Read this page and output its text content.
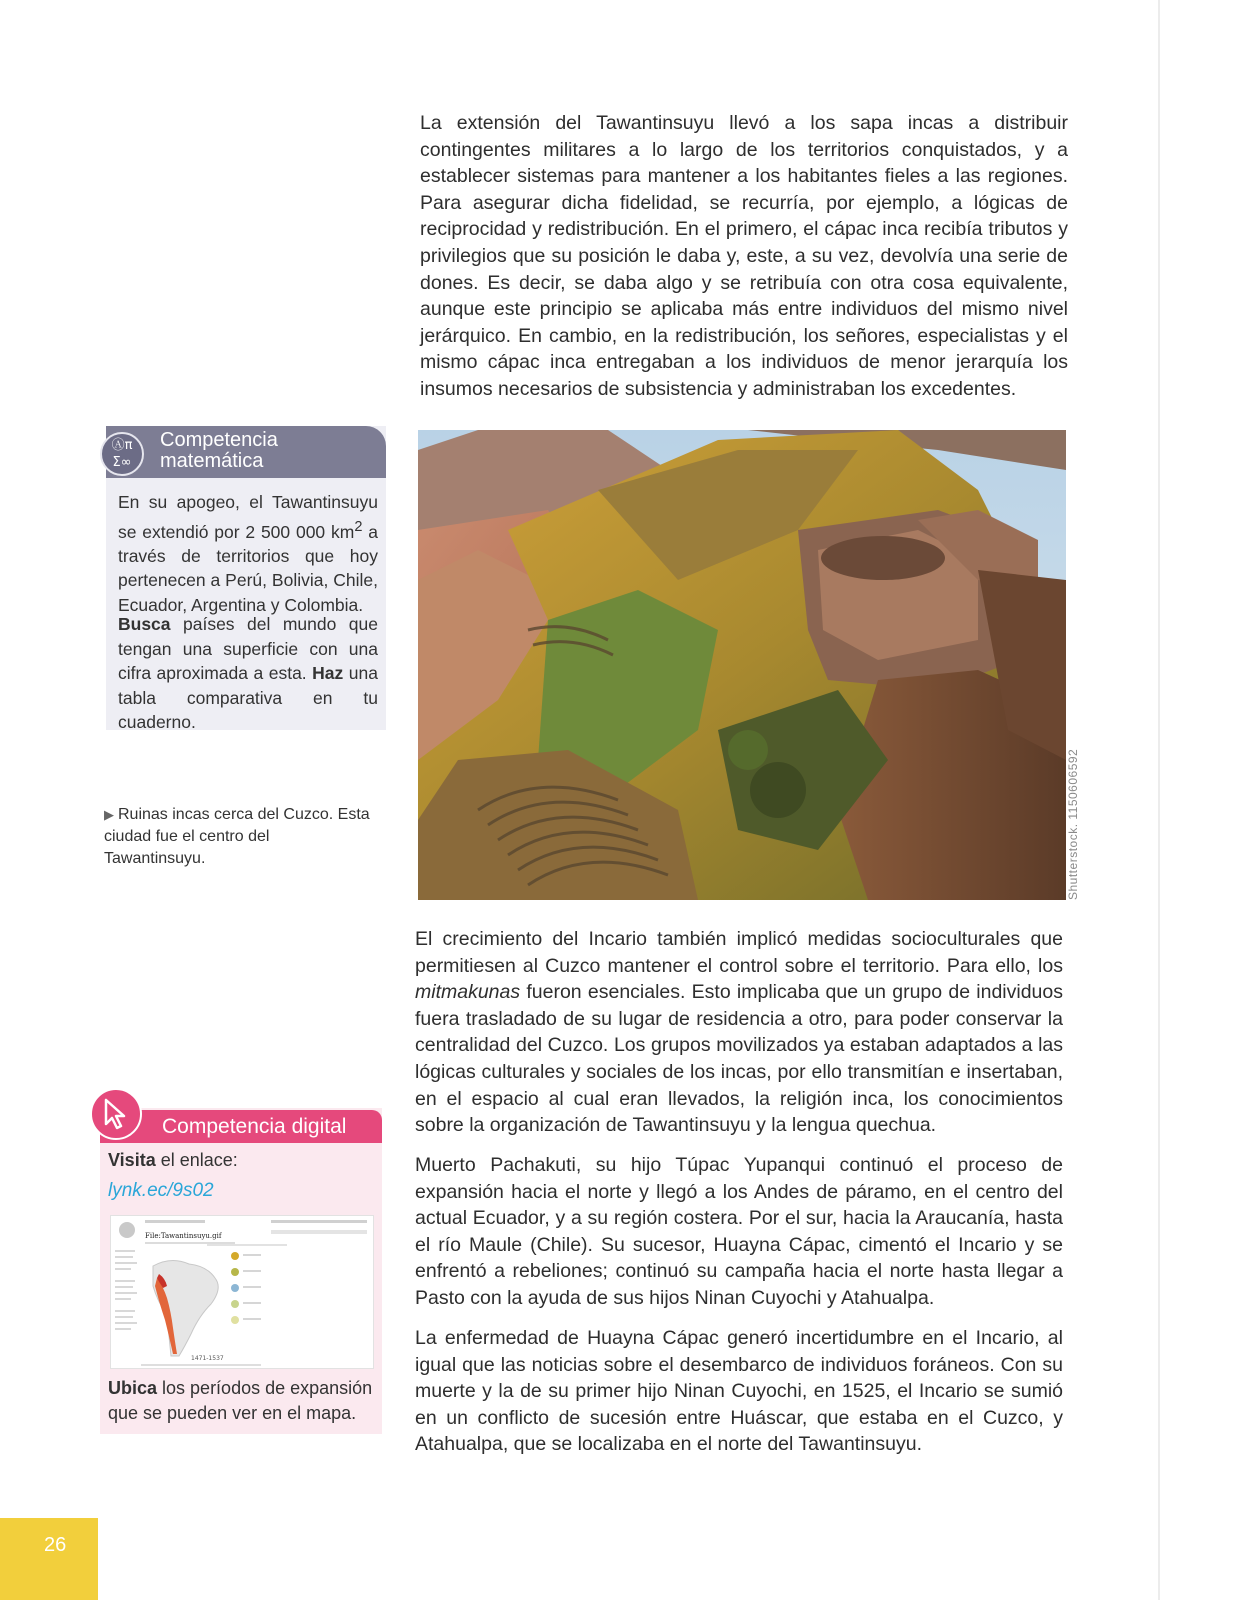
La extensión del Tawantinsuyu llevó a los sapa incas a distribuir contingentes militares a lo largo de los territorios conquistados, y a establecer sistemas para mantener a los habitantes fieles a las regiones. Para asegurar dicha fidelidad, se recurría, por ejemplo, a lógicas de reciprocidad y redistribución. En el primero, el cápac inca recibía tributos y privilegios que su posición le daba y, este, a su vez, devolvía una serie de dones. Es decir, se daba algo y se retribuía con otra cosa equivalente, aunque este principio se aplicaba más entre individuos del mismo nivel jerárquico. En cambio, en la redistribución, los señores, especialistas y el mismo cápac inca entregaban a los individuos de menor jerarquía los insumos necesarios de subsistencia y administraban los excedentes.

Shutterstock. 1150606592

El crecimiento del Incario también implicó medidas socioculturales que permitiesen al Cuzco mantener el control sobre el territorio. Para ello, los mitmakunas fueron esenciales. Esto implicaba que un grupo de individuos fuera trasladado de su lugar de residencia a otro, para poder conservar la centralidad del Cuzco. Los grupos movilizados ya estaban adaptados a las lógicas culturales y sociales de los incas, por ello transmitían e insertaban, en el espacio al cual eran llevados, la religión inca, los conocimientos sobre la organización de Tawantinsuyu y la lengua quechua.

Muerto Pachakuti, su hijo Túpac Yupanqui continuó el proceso de expansión hacia el norte y llegó a los Andes de páramo, en el centro del actual Ecuador, y a su región costera. Por el sur, hacia la Araucanía, hasta el río Maule (Chile). Su sucesor, Huayna Cápac, cimentó el Incario y se enfrentó a rebeliones; continuó su campaña hacia el norte hasta llegar a Pasto con la ayuda de sus hijos Ninan Cuyochi y Atahualpa.

La enfermedad de Huayna Cápac generó incertidumbre en el Incario, al igual que las noticias sobre el desembarco de individuos foráneos. Con su muerte y la de su primer hijo Ninan Cuyochi, en 1525, el Incario se sumió en un conflicto de sucesión entre Huáscar, que estaba en el Cuzco, y Atahualpa, que se localizaba en el norte del Tawantinsuyu.

Competencia matemática
Ⓐπ Σ∞

En su apogeo, el Tawantinsuyu se extendió por 2 500 000 $km^2$ a través de territorios que hoy pertenecen a Perú, Bolivia, Chile, Ecuador, Argentina y Colombia.

Busca países del mundo que tengan una superficie con una cifra aproximada a esta. Haz una tabla comparativa en tu cuaderno.

▶ Ruinas incas cerca del Cuzco. Esta ciudad fue el centro del Tawantinsuyu.

Competencia digital
Visita el enlace:
lynk.ec/9s02
File:Tawantinsuyu.gif
1471-1537

Ubica los períodos de expansión que se pueden ver en el mapa.

26
